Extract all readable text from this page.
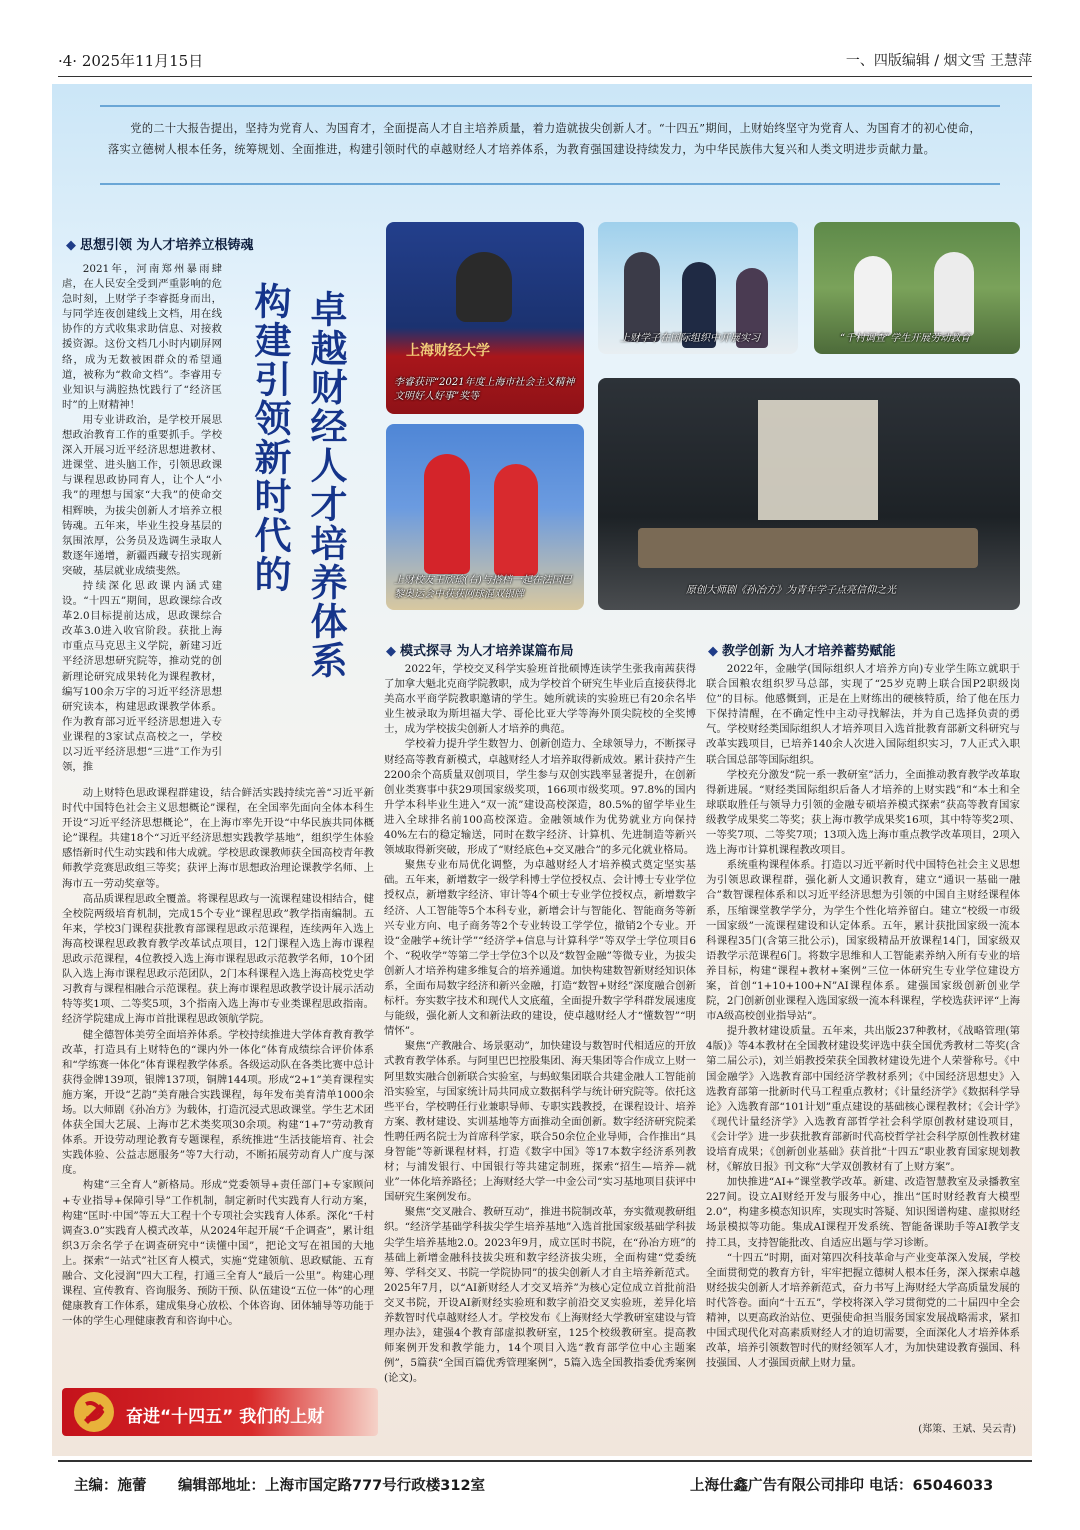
·4· 2025年11月15日	一、四版编辑 / 烟文雪 王慧萍

党的二十大报告提出，坚持为党育人、为国育才，全面提高人才自主培养质量，着力造就拔尖创新人才。“十四五”期间，上财始终坚守为党育人、为国育才的初心使命，落实立德树人根本任务，统筹规划、全面推进，构建引领时代的卓越财经人才培养体系，为教育强国建设持续发力，为中华民族伟大复兴和人类文明进步贡献力量。

◆ 思想引领 为人才培养立根铸魂

2021年，河南郑州暴雨肆虐，在人民安全受到严重影响的危急时刻，上财学子李睿挺身而出，与同学连夜创建线上文档，用在线协作的方式收集求助信息、对接救援资源。这份文档几小时内刷屏网络，成为无数被困群众的希望通道，被称为“救命文档”。李睿用专业知识与满腔热忱践行了“经济匡时”的上财精神！

用专业讲政治，是学校开展思想政治教育工作的重要抓手。学校深入开展习近平经济思想进教材、进课堂、进头脑工作，引领思政课与课程思政协同育人，让个人“小我”的理想与国家“大我”的使命交相辉映，为拔尖创新人才培养立根铸魂。五年来，毕业生投身基层的氛围浓厚，公务员及选调生录取人数逐年递增，新疆西藏专招实现新突破，基层就业成绩斐然。

持续深化思政课内涵式建设。“十四五”期间，思政课综合改革2.0目标提前达成，思政课综合改革3.0进入收官阶段。获批上海市重点马克思主义学院，新建习近平经济思想研究院等，推动党的创新理论研究成果转化为课程教材，编写100余万字的习近平经济思想研究读本，构建思政课教学体系。作为教育部习近平经济思想进入专业课程的3家试点高校之一，学校以习近平经济思想“三进”工作为引领，推

卓越财经人才培养体系
构建引领新时代的

动上财特色思政课程群建设，结合鲜活实践持续完善“习近平新时代中国特色社会主义思想概论”课程，在全国率先面向全体本科生开设“习近平经济思想概论”，在上海市率先开设“中华民族共同体概论”课程。共建18个“习近平经济思想实践教学基地”，组织学生体验感悟新时代生动实践和伟大成就。学校思政课教师获全国高校青年教师教学竞赛思政组三等奖；获评上海市思想政治理论课教学名师、上海市五一劳动奖章等。

高品质课程思政全覆盖。将课程思政与一流课程建设相结合，健全校院两级培育机制，完成15个专业“课程思政”教学指南编制。五年来，学校3门课程获批教育部课程思政示范课程，连续两年入选上海高校课程思政教育教学改革试点项目，12门课程入选上海市课程思政示范课程，4位教授入选上海市课程思政示范教学名师，10个团队入选上海市课程思政示范团队，2门本科课程入选上海高校党史学习教育与课程相融合示范课程。获上海市课程思政教学设计展示活动特等奖1项、二等奖5项，3个指南入选上海市专业类课程思政指南。经济学院建成上海市首批课程思政领航学院。

健全德智体美劳全面培养体系。学校持续推进大学体育教育教学改革，打造具有上财特色的“课内外一体化”体育成绩综合评价体系和“学练赛一体化”体育课程教学体系。各级运动队在各类比赛中总计获得金牌139项，银牌137项，铜牌144项。形成“2+1”美育课程实施方案，开设“艺韵”美育融合实践课程，每年发布美育清单1000余场。以大师剧《孙冶方》为载体，打造沉浸式思政课堂。学生艺术团体获全国大艺展、上海市艺术类奖项30余项。构建“1+7”劳动教育体系。开设劳动理论教育专题课程，系统推进“生活技能培育、社会实践体验、公益志愿服务”等7大行动，不断拓展劳动育人广度与深度。

构建“三全育人”新格局。形成“党委领导+责任部门+专家顾问+专业指导+保障引导”工作机制，制定新时代实践育人行动方案，构建“匡时·中国”等五大工程十个专项社会实践育人体系。深化“千村调查3.0”实践育人模式改革，从2024年起开展“千企调查”，累计组织3万余名学子在调查研究中“读懂中国”，把论文写在祖国的大地上。探索“一站式”社区育人模式，实施“党建领航、思政赋能、五育融合、文化浸润”四大工程，打通三全育人“最后一公里”。构建心理课程、宣传教育、咨询服务、预防干预、队伍建设“五位一体”的心理健康教育工作体系，建成集身心放松、个体咨询、团体辅导等功能于一体的学生心理健康教育和咨询中心。

上海财经大学
李睿获评“2021年度上海市社会主义精神文明好人好事”奖等
上财学子在国际组织中开展实习	“千村调查”学生开展劳动教育
上财校友王欣瑜(右)与搭档一起在法国巴黎奥运会中获获网球混双银牌	原创大师剧《孙冶方》为青年学子点亮信仰之光
◆ 模式探寻 为人才培养谋篇布局

2022年，学校交叉科学实验班首批硕博连读学生张我南茜获得了加拿大魁北克商学院教职，成为学校首个研究生毕业后直接获得北美高水平商学院教职邀请的学生。她所就读的实验班已有20余名毕业生被录取为斯坦福大学、哥伦比亚大学等海外顶尖院校的全奖博士，成为学校拔尖创新人才培养的典范。

学校着力提升学生数智力、创新创造力、全球领导力，不断探寻财经高等教育新模式，卓越财经人才培养取得新成效。累计获持产生2200余个高质量双创项目，学生参与双创实践率显著提升，在创新创业类赛事中获29项国家级奖项，166项市级奖项。97.8%的国内升学本科毕业生进入“双一流”建设高校深造，80.5%的留学毕业生进入全球排名前100高校深造。金融领域作为优势就业方向保持40%左右的稳定输送，同时在数字经济、计算机、先进制造等新兴领域取得新突破，形成了“财经底色+交叉融合”的多元化就业格局。

聚焦专业布局优化调整，为卓越财经人才培养模式奠定坚实基础。五年来，新增数字一级学科博士学位授权点、会计博士专业学位授权点，新增数字经济、审计等4个硕士专业学位授权点，新增数字经济、人工智能等5个本科专业，新增会计与智能化、智能商务等新兴专业方向、电子商务等2个专业转设工学学位，撤销2个专业。开设“金融学+统计学”“经济学+信息与计算科学”等双学士学位项目6个、“税收学”等第二学士学位3个以及“数智金融”等微专业，为拔尖创新人才培养构建多维复合的培养通道。加快构建数智新财经知识体系，全面布局数字经济和新兴金融，打造“数智+财经”深度融合创新标杆。夯实数字技术和现代人文底蕴，全面提升数字学科群发展速度与能级，强化新人文和新法政的建设，使卓越财经人才“懂数智”“明情怀”。

聚焦“产教融合、场景驱动”，加快建设与数智时代相适应的开放式教育教学体系。与阿里巴巴控股集团、海天集团等合作成立上财一阿里数实融合创新联合实验室，与蚂蚁集团联合共建金融人工智能前沿实验室，与国家统计局共同成立数据科学与统计研究院等。依托这些平台，学校聘任行业兼职导师、专职实践教授，在课程设计、培养方案、教材建设、实训基地等方面推动全面创新。数字经济研究院柔性聘任两名院士为首席科学家，联合50余位企业导师，合作推出“具身智能”等新课程材料，打造《数字中国》等17本数字经济系列教材；与浦发银行、中国银行等共建定制班，探索“招生—培养—就业”一体化培养路径；上海财经大学一中金公司“实习基地项目获评中国研究生案例发布。

聚焦“交叉融合、教研互动”，推进书院制改革，夯实微观教研组织。“经济学基础学科拔尖学生培养基地”入选首批国家级基础学科拔尖学生培养基地2.0。2023年9月，成立匡时书院，在“孙冶方班”的基础上新增金融科技拔尖班和数字经济拔尖班，全面构建“党委统筹、学科交叉、书院一学院协同”的拔尖创新人才自主培养新范式。2025年7月，以“AI新财经人才交叉培养”为核心定位成立首批前沿交叉书院，开设AI新财经实验班和数字前沿交叉实验班，差异化培养数智时代卓越财经人才。学校发布《上海财经大学教研室建设与管理办法》，建强4个教育部虚拟教研室，125个校级教研室。提高教师案例开发和教学能力，14个项目入选“教育部学位中心主题案例”，5篇获“全国百篇优秀管理案例”，5篇入选全国教指委优秀案例(论文)。

◆ 教学创新 为人才培养蓄势赋能

2022年，金融学(国际组织人才培养方向)专业学生陈立就职于联合国粮农组织罗马总部，实现了“25岁克聘上联合国P2职级岗位”的目标。他感慨到，正是在上财练出的硬核特质，给了他在压力下保持清醒，在不确定性中主动寻找解法，并为自己选择负责的勇气。学校财经类国际组织人才培养项目入选首批教育部新文科研究与改革实践项目，已培养140余人次进入国际组织实习，7人正式入职联合国总部等国际组织。

学校充分激发“院一系一教研室”活力，全面推动教育教学改革取得新进展。“财经类国际组织后备人才培养的上财实践”和“本土和全球联取胜任与领导力引领的金融专硕培养模式探索”获高等教育国家级教学成果奖二等奖；获上海市教学成果奖16项，其中特等奖2项、一等奖7项、二等奖7项；13项入选上海市重点教学改革项目，2项入选上海市计算机课程教改项目。

系统重构课程体系。打造以习近平新时代中国特色社会主义思想为引领思政课程群，强化新人文通识教育，建立“通识一基础一融合”数智课程体系和以习近平经济思想为引领的中国自主财经课程体系，压缩课堂教学学分，为学生个性化培养留白。建立“校级一市级一国家级”一流课程建设和认定体系。五年，累计获批国家级一流本科课程35门(含第三批公示)，国家级精品开放课程14门，国家级双语教学示范课程6门。将数字思维和人工智能素养纳入所有专业的培养目标，构建“课程+教材+案例”三位一体研究生专业学位建设方案，首创“1+10+100+N”AI课程体系。建强国家级创新创业学院，2门创新创业课程入选国家级一流本科课程，学校选获评评“上海市A级高校创业指导站”。

提升教材建设质量。五年来，共出版237种教材，《战略管理(第4版)》等4本教材在全国教材建设奖评选中获全国优秀教材二等奖(含第二届公示)，刘兰娟教授荣获全国教材建设先进个人荣誉称号。《中国金融学》入选教育部中国经济学教材系列；《中国经济思想史》入选教育部第一批新时代马工程重点教材；《计量经济学》《数据科学导论》入选教育部“101计划”重点建设的基础核心课程教材；《会计学》《现代计量经济学》入选教育部哲学社会科学原创教材建设项目，《会计学》进一步获批教育部新时代高校哲学社会科学原创性教材建设培育成果；《创新创业基础》获首批“十四五”职业教育国家规划教材，《解放日报》刊文称“大学双创教材有了上财方案”。

加快推进“AI+”课堂教学改革。新建、改造智慧教室及录播教室227间。设立AI财经开发与服务中心，推出“匡时财经教育大模型2.0”，构建多模态知识库，实现实时答疑、知识图谱构建、虚拟财经场景模拟等功能。集成AI课程开发系统、智能备课助手等AI教学支持工具，支持智能批改、自适应出题与学习诊断。

“十四五”时期，面对第四次科技革命与产业变革深入发展，学校全面贯彻党的教育方针，牢牢把握立德树人根本任务，深入探索卓越财经拔尖创新人才培养新范式，奋力书写上海财经大学高质量发展的时代答卷。面向“十五五”，学校将深入学习贯彻党的二十届四中全会精神，以更高政治站位、更强使命担当服务国家发展战略需求，紧扣中国式现代化对高素质财经人才的迫切需要，全面深化人才培养体系改革，培养引领数智时代的财经领军人才，为加快建设教育强国、科技强国、人才强国贡献上财力量。

(郑策、王斌、吴云青)
奋进“十四五” 我们的上财
主编：施蕾 编辑部地址：上海市国定路777号行政楼312室	上海仕鑫广告有限公司排印 电话：65046033
